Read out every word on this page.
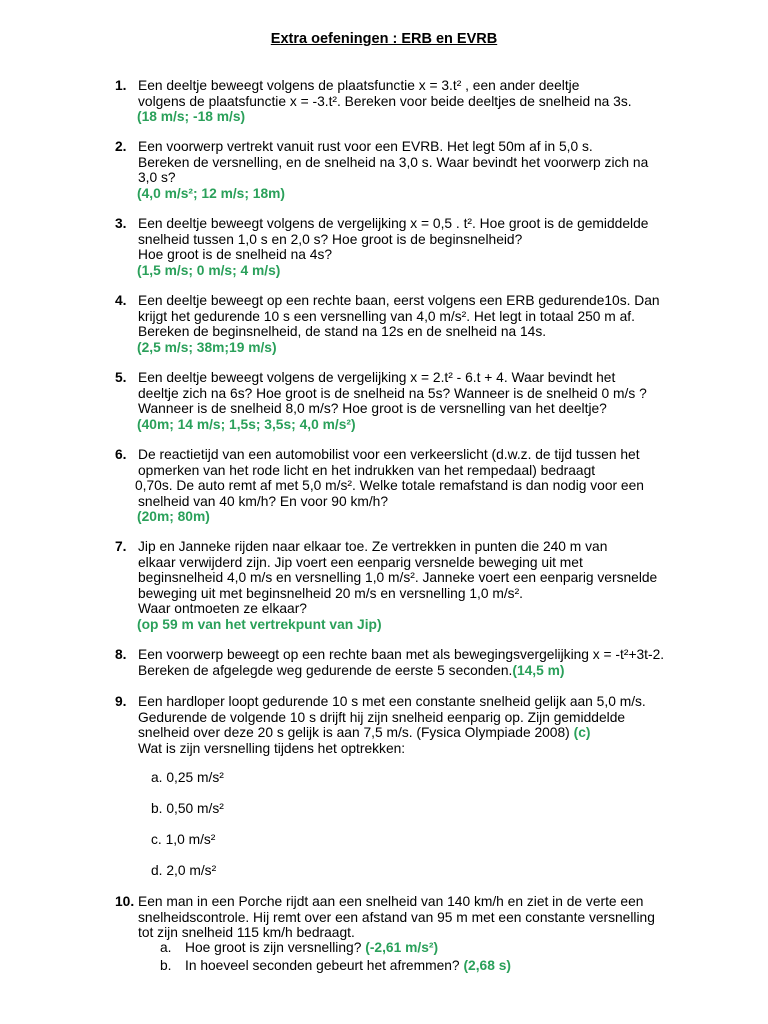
Extra oefeningen : ERB en EVRB
1. Een deeltje beweegt volgens de plaatsfunctie x = 3.t² , een ander deeltje
volgens de plaatsfunctie x = -3.t². Bereken voor beide deeltjes de snelheid na 3s.
(18 m/s; -18 m/s)
2. Een voorwerp vertrekt vanuit rust voor een EVRB. Het legt 50m af in 5,0 s.
Bereken de versnelling, en de snelheid na 3,0 s. Waar bevindt het voorwerp zich na
3,0 s?
(4,0 m/s²; 12 m/s; 18m)
3. Een deeltje beweegt volgens de vergelijking x = 0,5 . t². Hoe groot is de gemiddelde
snelheid tussen 1,0 s en 2,0 s? Hoe groot is de beginsnelheid?
Hoe groot is de snelheid na 4s?
(1,5 m/s; 0 m/s; 4 m/s)
4. Een deeltje beweegt op een rechte baan, eerst volgens een ERB gedurende10s. Dan
krijgt het gedurende 10 s een versnelling van 4,0 m/s². Het legt in totaal 250 m af.
Bereken de beginsnelheid, de stand na 12s en de snelheid na 14s.
(2,5 m/s; 38m;19 m/s)
5. Een deeltje beweegt volgens de vergelijking x = 2.t² - 6.t + 4. Waar bevindt het
deeltje zich na 6s? Hoe groot is de snelheid na 5s? Wanneer is de snelheid 0 m/s ?
Wanneer is de snelheid 8,0 m/s? Hoe groot is de versnelling van het deeltje?
(40m; 14 m/s; 1,5s; 3,5s; 4,0 m/s²)
6. De reactietijd van een automobilist voor een verkeerslicht (d.w.z. de tijd tussen het
opmerken van het rode licht en het indrukken van het rempedaal) bedraagt
0,70s. De auto remt af met 5,0 m/s². Welke totale remafstand is dan nodig voor een
snelheid van 40 km/h? En voor 90 km/h?
(20m; 80m)
7. Jip en Janneke rijden naar elkaar toe. Ze vertrekken in punten die 240 m van
elkaar verwijderd zijn. Jip voert een eenparig versnelde beweging uit met
beginsnelheid 4,0 m/s en versnelling 1,0 m/s². Janneke voert een eenparig versnelde
beweging uit met beginsnelheid 20 m/s en versnelling 1,0 m/s².
Waar ontmoeten ze elkaar?
(op 59 m van het vertrekpunt van Jip)
8. Een voorwerp beweegt op een rechte baan met als bewegingsvergelijking x = -t²+3t-2.
Bereken de afgelegde weg gedurende de eerste 5 seconden.(14,5 m)
9. Een hardloper loopt gedurende 10 s met een constante snelheid gelijk aan 5,0 m/s.
Gedurende de volgende 10 s drijft hij zijn snelheid eenparig op. Zijn gemiddelde
snelheid over deze 20 s gelijk is aan 7,5 m/s. (Fysica Olympiade 2008) (c)
Wat is zijn versnelling tijdens het optrekken:
a. 0,25 m/s²
b. 0,50 m/s²
c. 1,0 m/s²
d. 2,0 m/s²
10. Een man in een Porche rijdt aan een snelheid van 140 km/h en ziet in de verte een
snelheidscontrole. Hij remt over een afstand van 95 m met een constante versnelling
tot zijn snelheid 115 km/h bedraagt.
a. Hoe groot is zijn versnelling? (-2,61 m/s²)
b. In hoeveel seconden gebeurt het afremmen? (2,68 s)
